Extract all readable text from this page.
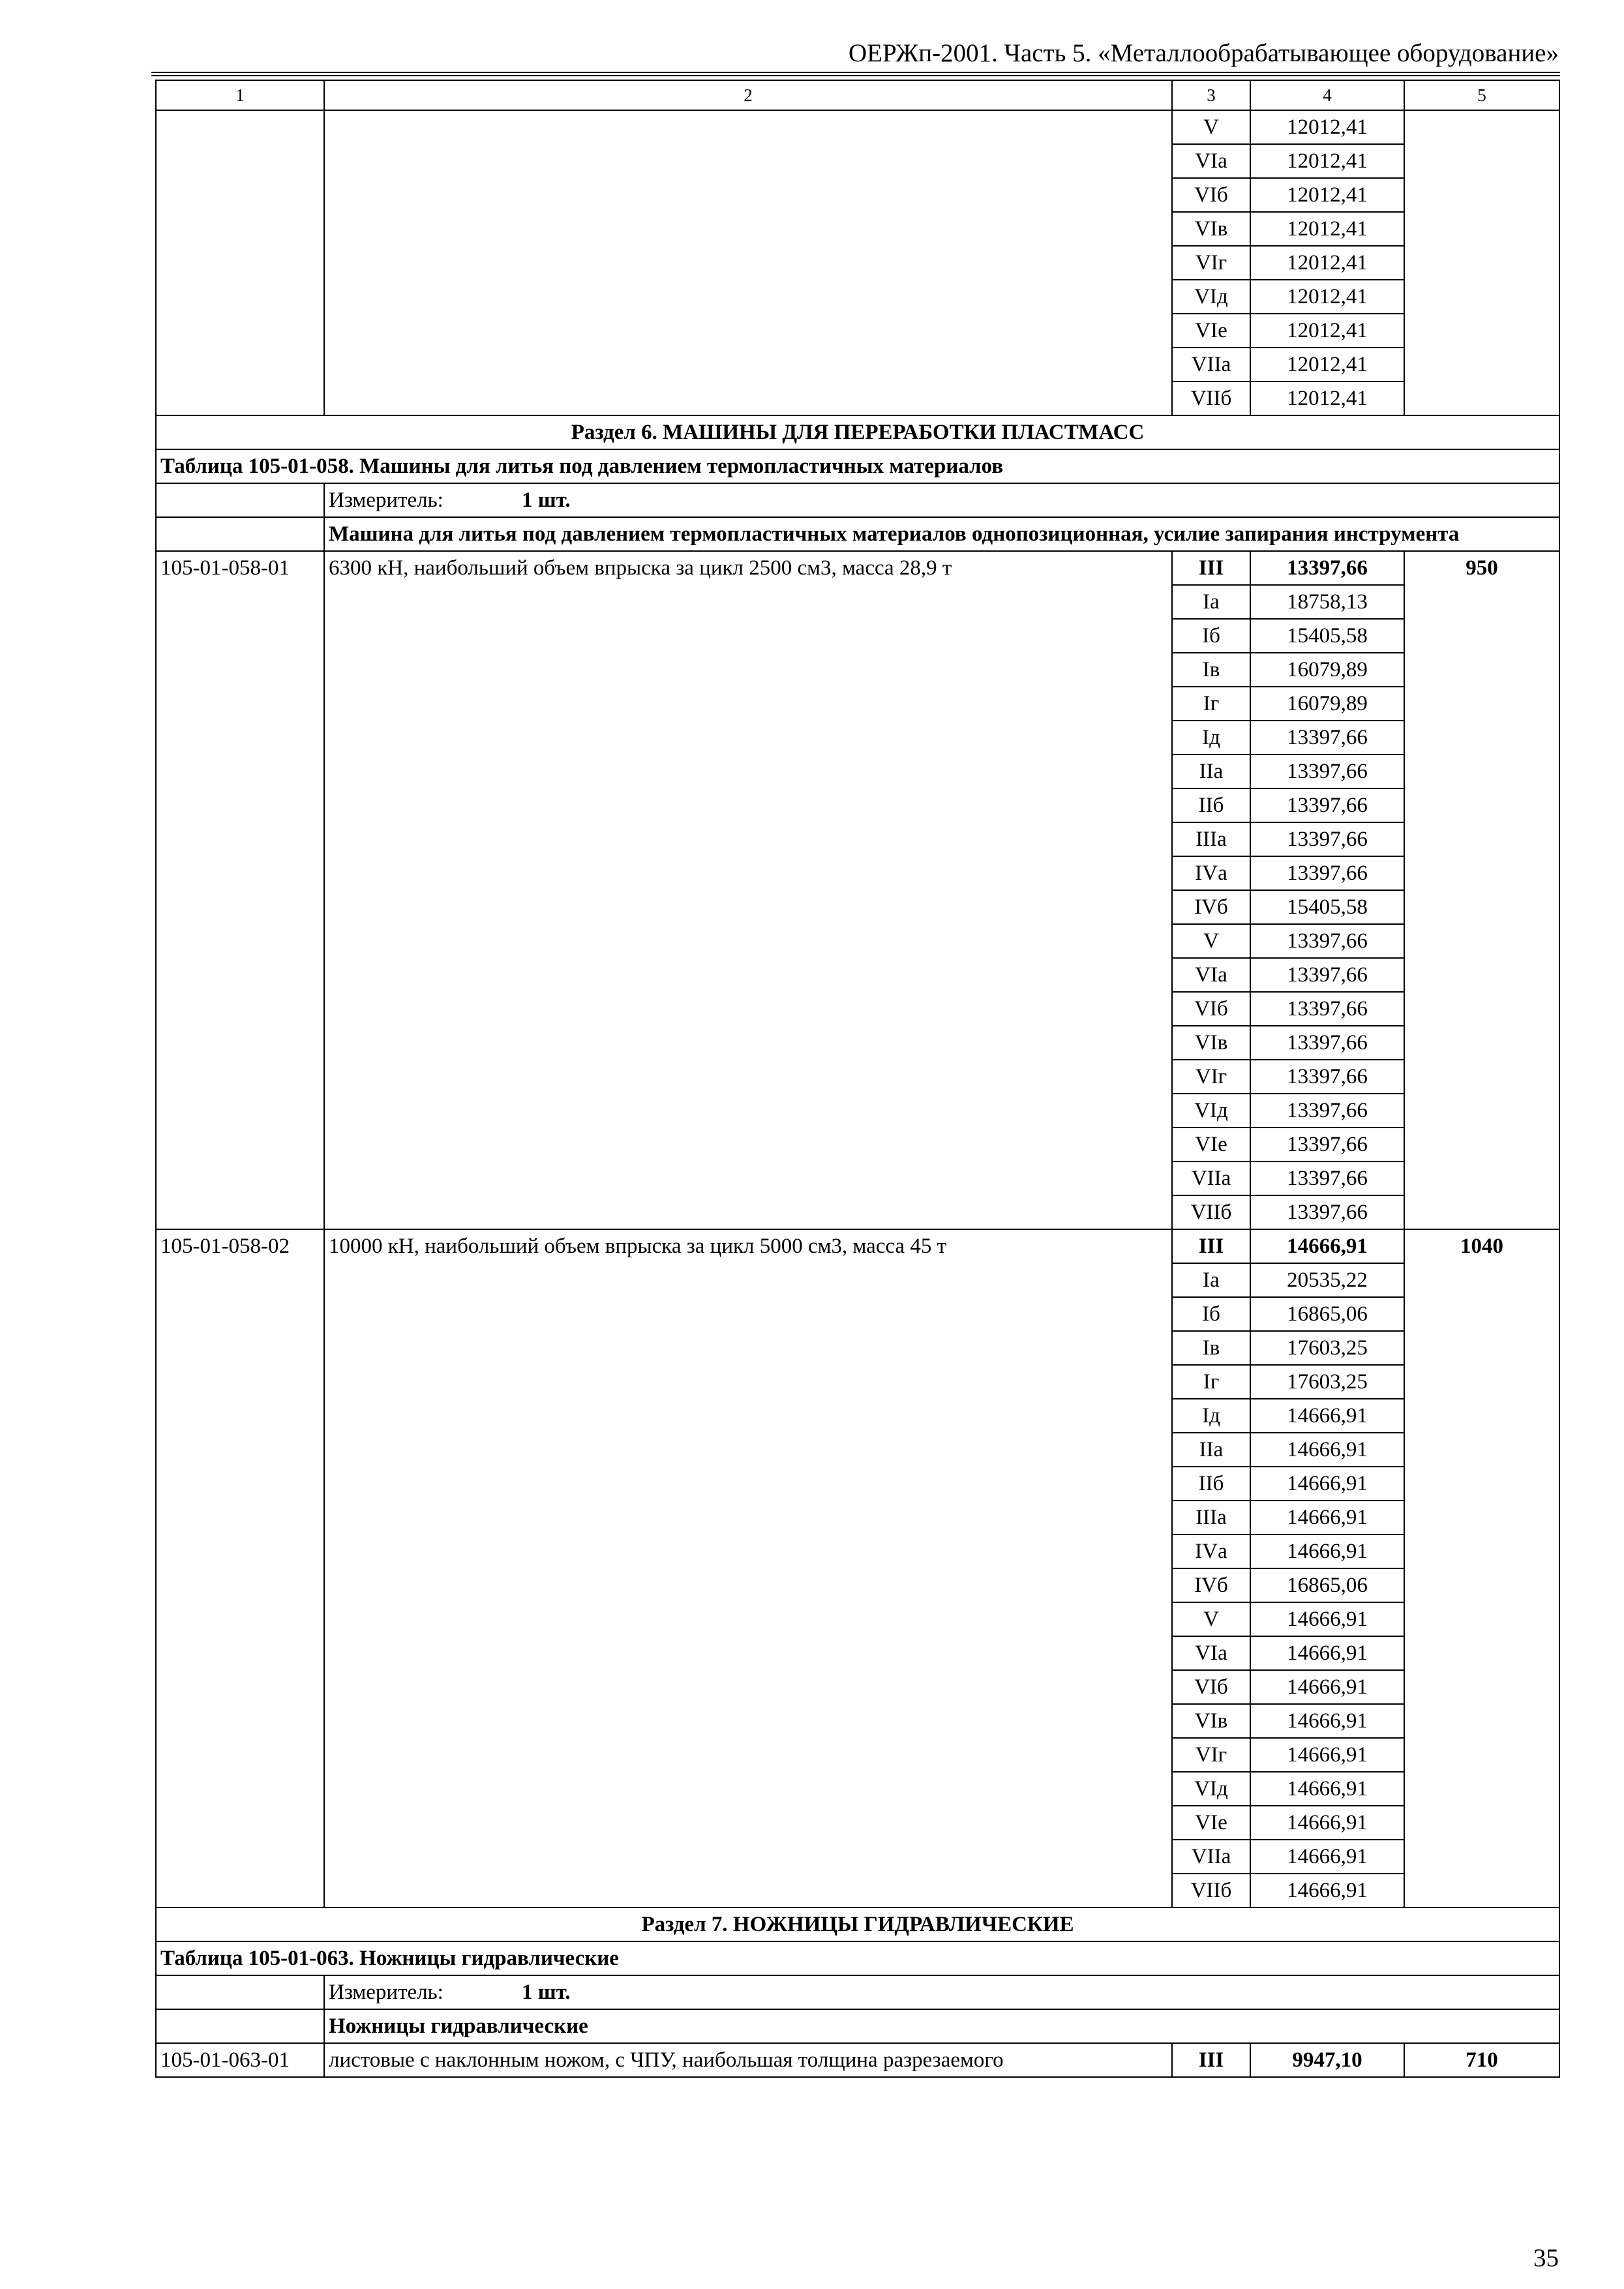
ОЕРЖп-2001. Часть 5. «Металлообрабатывающее оборудование»
1	2	3	4	5
		V	12012,41	
		VIа	12012,41	
		VIб	12012,41	
		VIв	12012,41	
		VIг	12012,41	
		VIд	12012,41	
		VIе	12012,41	
		VIIа	12012,41	
		VIIб	12012,41	
Раздел 6. МАШИНЫ ДЛЯ ПЕРЕРАБОТКИ ПЛАСТМАСС				
Таблица 105-01-058. Машины для литья под давлением термопластичных материалов				
	Измеритель: 1 шт.			
	Машина для литья под давлением термопластичных материалов однопозиционная, усилие запирания инструмента			
105-01-058-01	6300 кН, наибольший объем впрыска за цикл 2500 см3, масса 28,9 т	III	13397,66	950
		Iа	18758,13	
		Iб	15405,58	
		Iв	16079,89	
		Iг	16079,89	
		Iд	13397,66	
		IIа	13397,66	
		IIб	13397,66	
		IIIа	13397,66	
		IVа	13397,66	
		IVб	15405,58	
		V	13397,66	
		VIа	13397,66	
		VIб	13397,66	
		VIв	13397,66	
		VIг	13397,66	
		VIд	13397,66	
		VIе	13397,66	
		VIIа	13397,66	
		VIIб	13397,66	
105-01-058-02	10000 кН, наибольший объем впрыска за цикл 5000 см3, масса 45 т	III	14666,91	1040
		Iа	20535,22	
		Iб	16865,06	
		Iв	17603,25	
		Iг	17603,25	
		Iд	14666,91	
		IIа	14666,91	
		IIб	14666,91	
		IIIа	14666,91	
		IVа	14666,91	
		IVб	16865,06	
		V	14666,91	
		VIа	14666,91	
		VIб	14666,91	
		VIв	14666,91	
		VIг	14666,91	
		VIд	14666,91	
		VIе	14666,91	
		VIIа	14666,91	
		VIIб	14666,91	
Раздел 7. НОЖНИЦЫ ГИДРАВЛИЧЕСКИЕ				
Таблица 105-01-063. Ножницы гидравлические				
	Измеритель: 1 шт.			
	Ножницы гидравлические			
105-01-063-01	листовые с наклонным ножом, с ЧПУ, наибольшая толщина разрезаемого	III	9947,10	710
35
